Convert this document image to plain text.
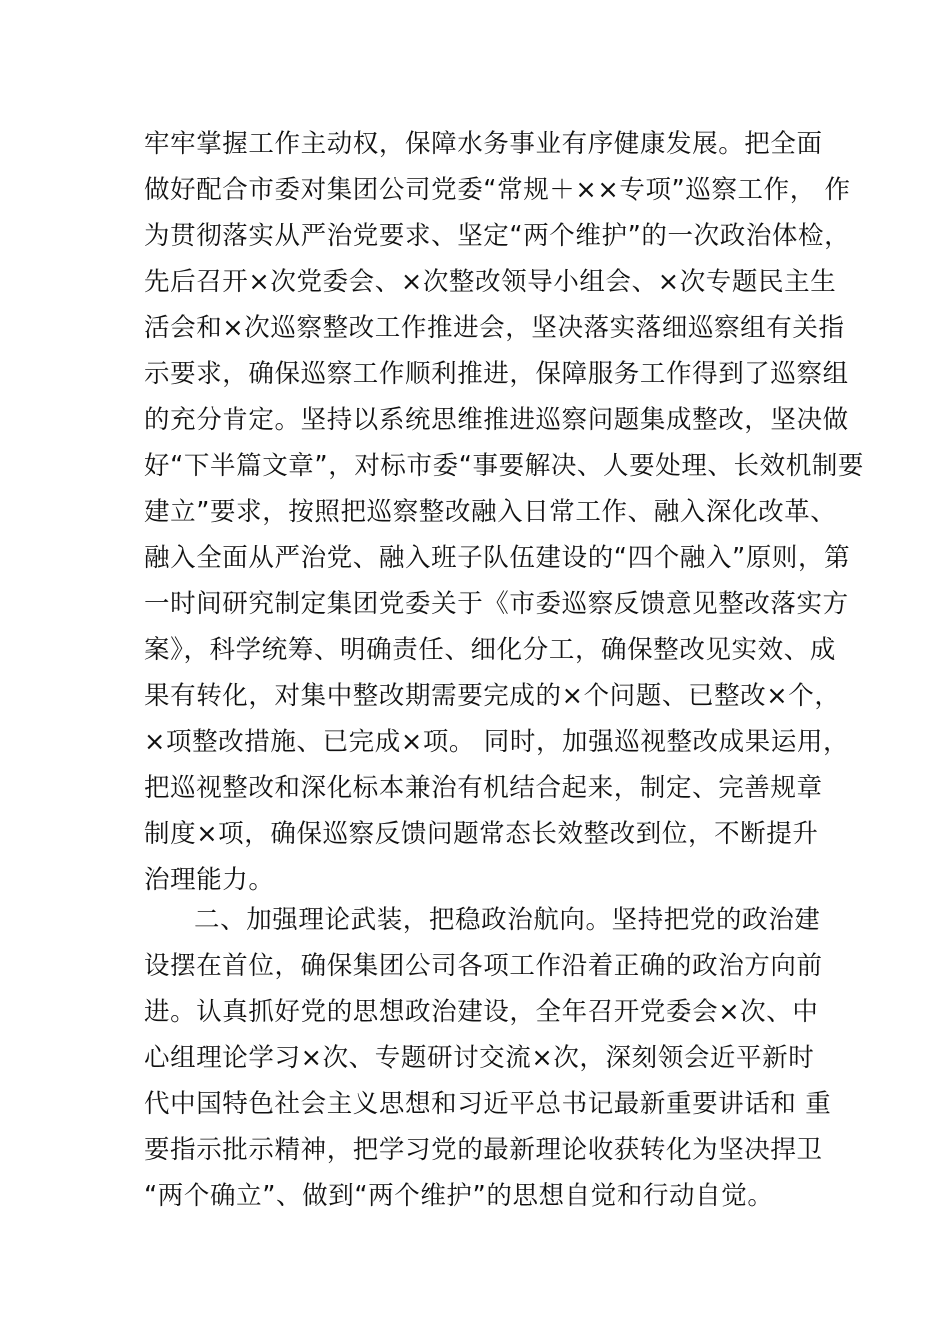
牢牢掌握工作主动权，保障水务事业有序健康发展。把全面
做好配合市委对集团公司党委“常规＋××专项”巡察工作， 作
为贯彻落实从严治党要求、坚定“两个维护”的一次政治体检，
先后召开×次党委会、×次整改领导小组会、×次专题民主生
活会和×次巡察整改工作推进会，坚决落实落细巡察组有关指
示要求，确保巡察工作顺利推进，保障服务工作得到了巡察组
的充分肯定。坚持以系统思维推进巡察问题集成整改，坚决做
好“下半篇文章”，对标市委“事要解决、人要处理、长效机制要
建立”要求，按照把巡察整改融入日常工作、融入深化改革、
融入全面从严治党、融入班子队伍建设的“四个融入”原则，第
一时间研究制定集团党委关于《市委巡察反馈意见整改落实方
案》，科学统筹、明确责任、细化分工，确保整改见实效、成
果有转化，对集中整改期需要完成的×个问题、已整改×个，
×项整改措施、已完成×项。 同时，加强巡视整改成果运用，
把巡视整改和深化标本兼治有机结合起来，制定、完善规章
制度×项，确保巡察反馈问题常态长效整改到位，不断提升
治理能力。
二、加强理论武装，把稳政治航向。坚持把党的政治建
设摆在首位，确保集团公司各项工作沿着正确的政治方向前
进。认真抓好党的思想政治建设，全年召开党委会×次、中
心组理论学习×次、专题研讨交流×次，深刻领会近平新时
代中国特色社会主义思想和习近平总书记最新重要讲话和 重
要指示批示精神，把学习党的最新理论收获转化为坚决捍卫
“两个确立”、做到“两个维护”的思想自觉和行动自觉。
